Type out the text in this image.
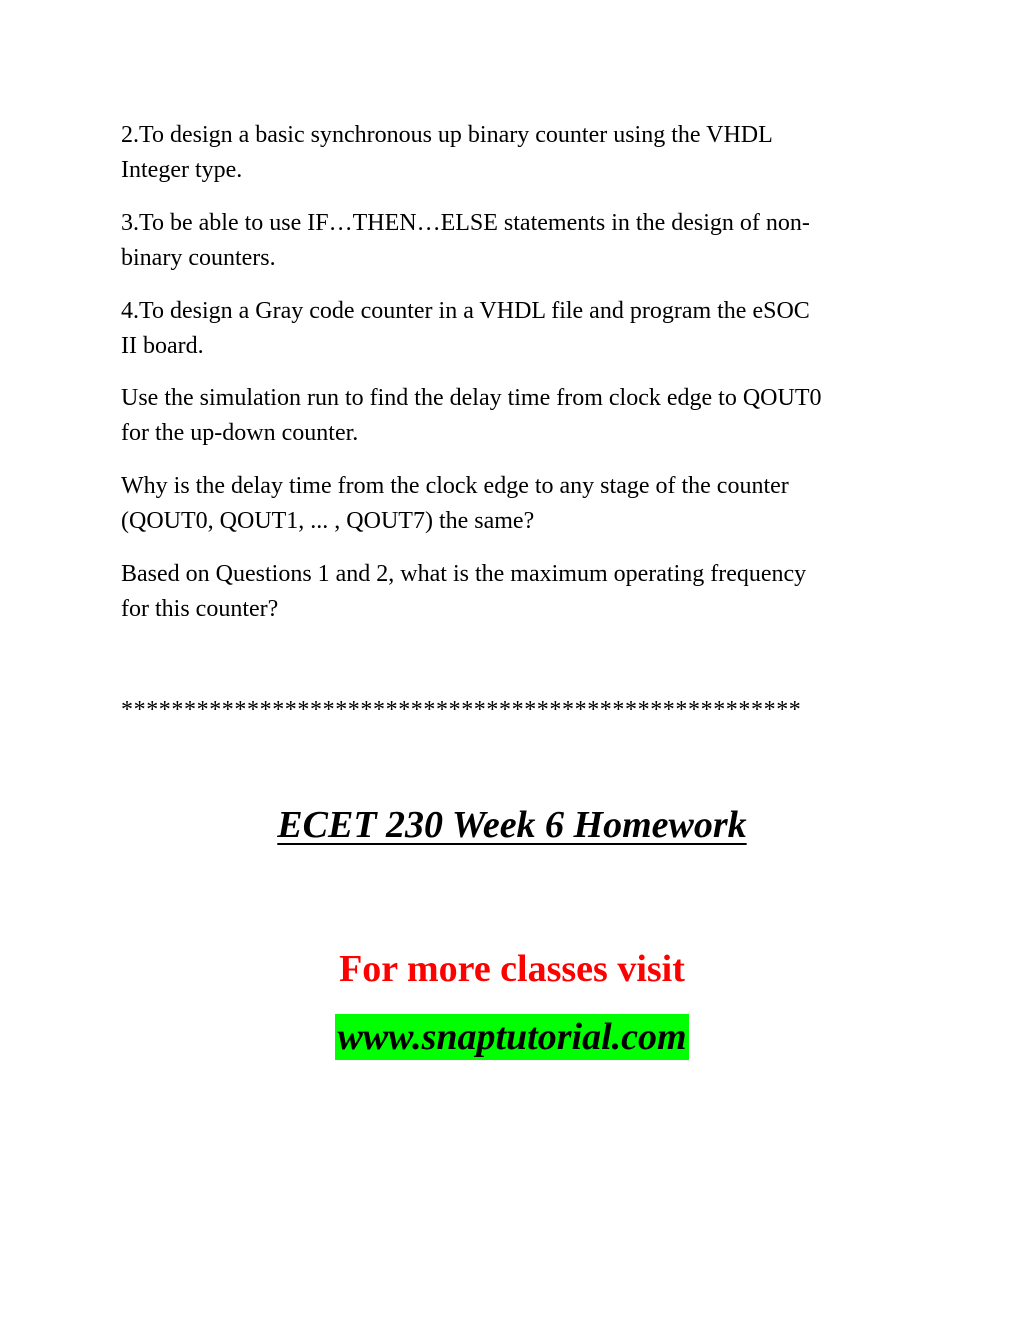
2.To design a basic synchronous up binary counter using the VHDL
Integer type.

3.To be able to use IF…THEN…ELSE statements in the design of non-
binary counters.

4.To design a Gray code counter in a VHDL file and program the eSOC
II board.

Use the simulation run to find the delay time from clock edge to QOUT0
for the up-down counter.

Why is the delay time from the clock edge to any stage of the counter
(QOUT0, QOUT1, ... , QOUT7) the same?

Based on Questions 1 and 2, what is the maximum operating frequency
for this counter?

******************************************************

ECET 230 Week 6 Homework
For more classes visit
www.snaptutorial.com
